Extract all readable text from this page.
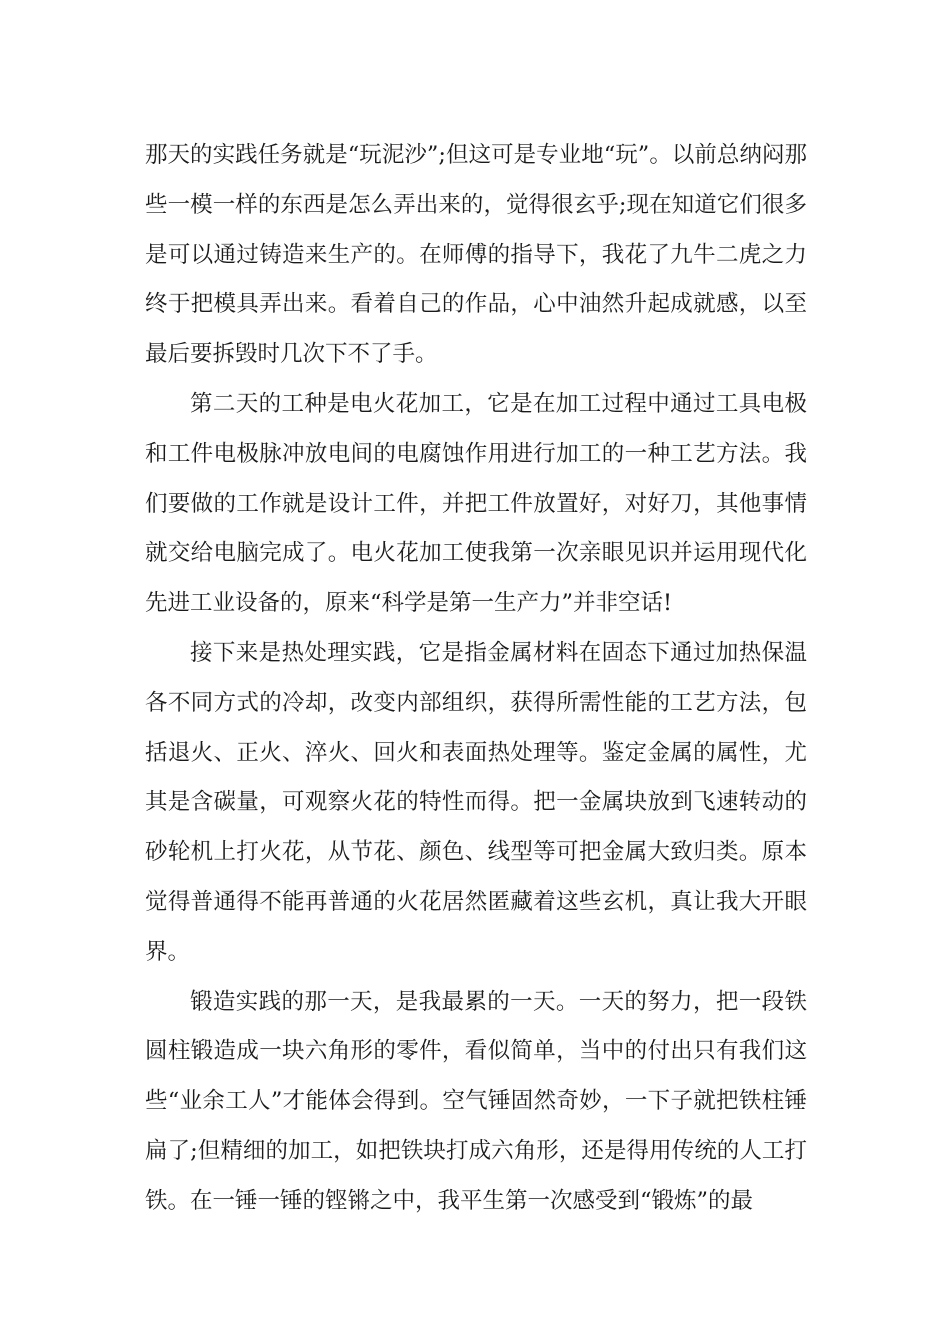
那天的实践任务就是“玩泥沙”;但这可是专业地“玩”。以前总纳闷那些一模一样的东西是怎么弄出来的，觉得很玄乎;现在知道它们很多是可以通过铸造来生产的。在师傅的指导下，我花了九牛二虎之力终于把模具弄出来。看着自己的作品，心中油然升起成就感，以至最后要拆毁时几次下不了手。

第二天的工种是电火花加工，它是在加工过程中通过工具电极和工件电极脉冲放电间的电腐蚀作用进行加工的一种工艺方法。我们要做的工作就是设计工件，并把工件放置好，对好刀，其他事情就交给电脑完成了。电火花加工使我第一次亲眼见识并运用现代化先进工业设备的，原来“科学是第一生产力”并非空话!

接下来是热处理实践，它是指金属材料在固态下通过加热保温各不同方式的冷却，改变内部组织，获得所需性能的工艺方法，包括退火、正火、淬火、回火和表面热处理等。鉴定金属的属性，尤其是含碳量，可观察火花的特性而得。把一金属块放到飞速转动的砂轮机上打火花，从节花、颜色、线型等可把金属大致归类。原本觉得普通得不能再普通的火花居然匿藏着这些玄机，真让我大开眼界。

锻造实践的那一天，是我最累的一天。一天的努力，把一段铁圆柱锻造成一块六角形的零件，看似简单，当中的付出只有我们这些“业余工人”才能体会得到。空气锤固然奇妙，一下子就把铁柱锤扁了;但精细的加工，如把铁块打成六角形，还是得用传统的人工打铁。在一锤一锤的铿锵之中，我平生第一次感受到“锻炼”的最
